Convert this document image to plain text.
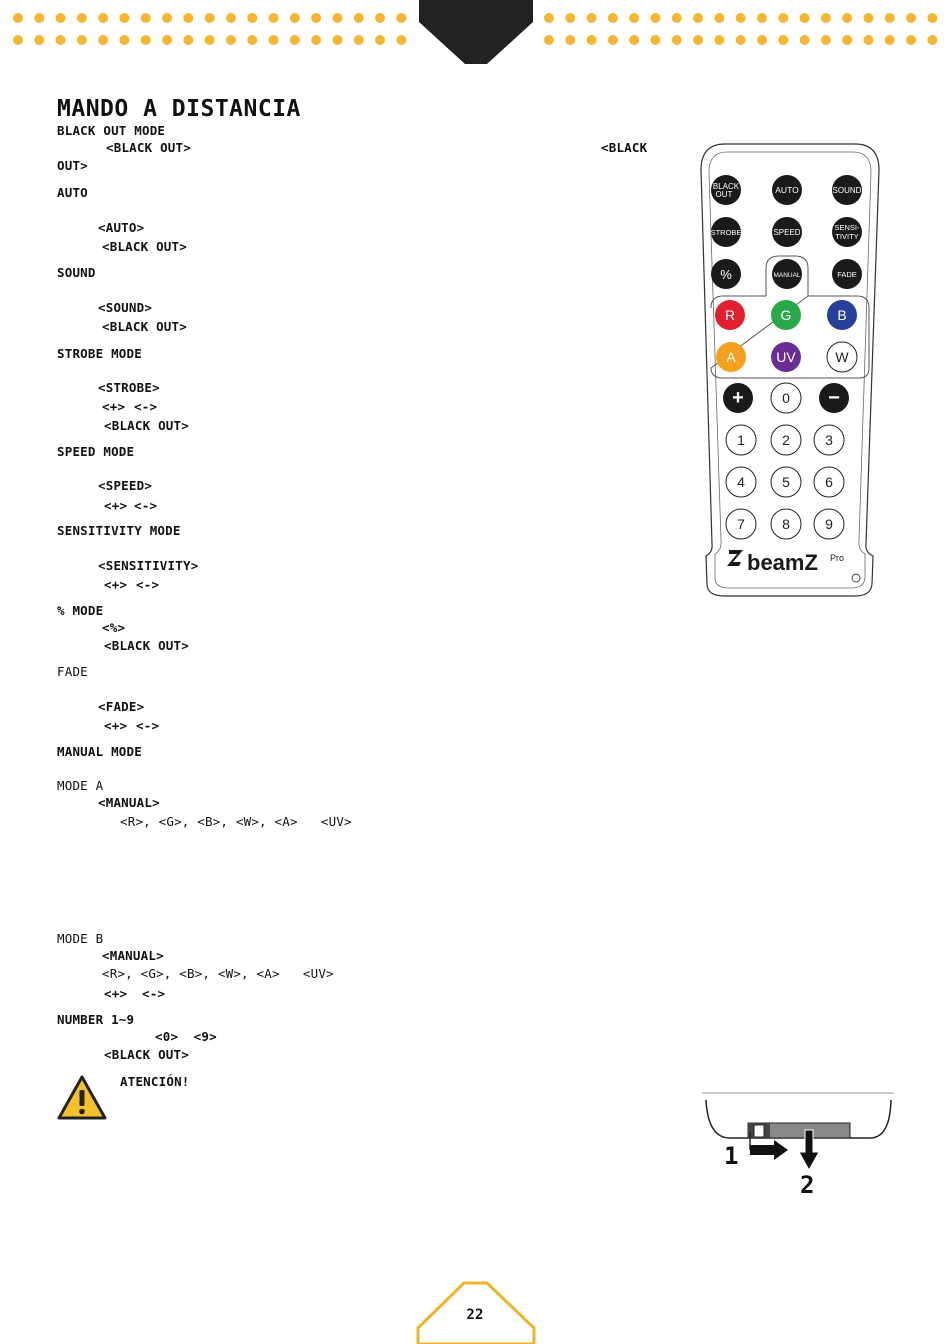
MANDO A DISTANCIA
BLACK OUT MODE
<BLACK OUT>	<BLACK
OUT>
AUTO
<AUTO>
<BLACK OUT>
SOUND
<SOUND>
<BLACK OUT>
STROBE MODE
<STROBE>
<+> <->
<BLACK OUT>
SPEED MODE
<SPEED>
<+> <->
SENSITIVITY MODE
<SENSITIVITY>
<+> <->
% MODE
<%>
<BLACK OUT>
FADE
<FADE>
<+> <->
MANUAL MODE
MODE A
<MANUAL>
<R>, <G>, <B>, <W>, <A>   <UV>
MODE B
<MANUAL>
<R>, <G>, <B>, <W>, <A>   <UV>
<+> <->
NUMBER 1~9
<0>  <9>
<BLACK OUT>
ATENCIÓN!
BLACK
OUT	AUTO	SOUND
STROBE	SPEED
SENSI-
TIVITY
%	MANUAL	FADE
R	G	B
A	UV	W
+	0 −
1	2	3
4	5	6
7	8	9
beamZ Pro
1
2
22
